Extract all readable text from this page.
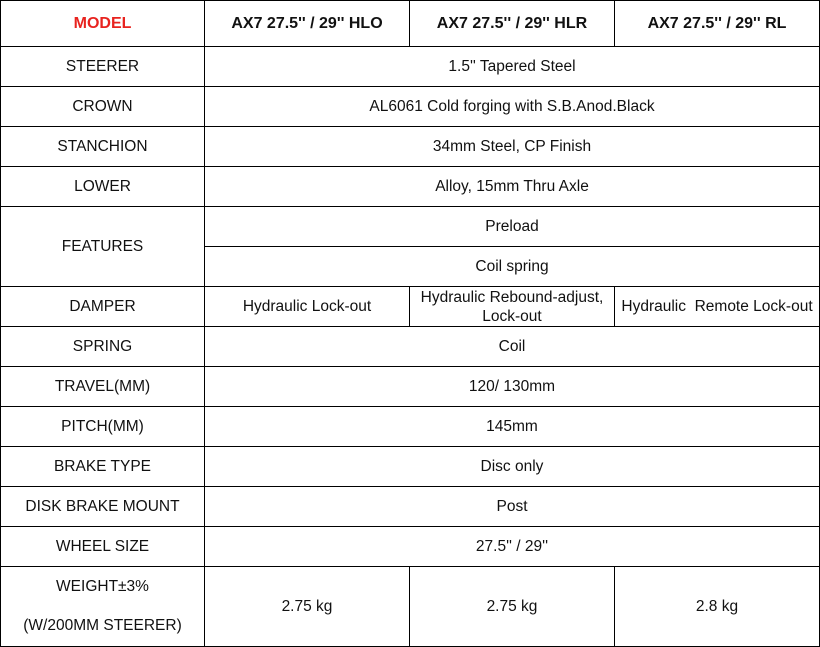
MODEL	AX7 27.5'' / 29'' HLO	AX7 27.5'' / 29'' HLR	AX7 27.5'' / 29'' RL
STEERER	1.5'' Tapered Steel		
CROWN	AL6061 Cold forging with S.B.Anod.Black		
STANCHION	34mm Steel, CP Finish		
LOWER	Alloy, 15mm Thru Axle		
FEATURES	Preload		
	Coil spring		
DAMPER	Hydraulic Lock-out	Hydraulic Rebound-adjust, Lock-out	Hydraulic  Remote Lock-out
SPRING	Coil		
TRAVEL(MM)	120/ 130mm		
PITCH(MM)	145mm		
BRAKE TYPE	Disc only		
DISK BRAKE MOUNT	Post		
WHEEL SIZE	27.5'' / 29''		
WEIGHT±3%	2.75 kg	2.75 kg	2.8 kg
(W/200MM STEERER)			
